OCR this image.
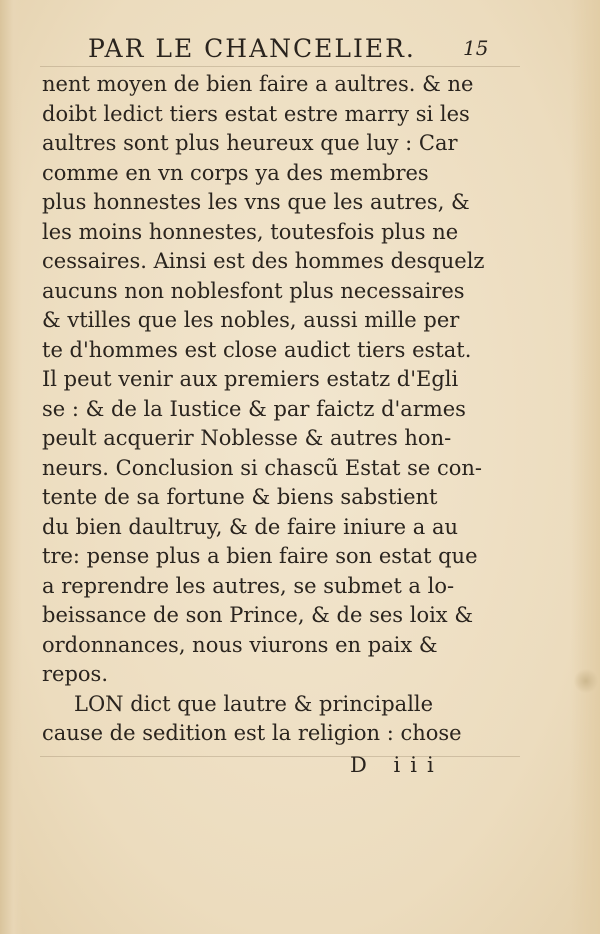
PAR LE CHANCELIER. 15
nent moyen de bien faire a aultres. & ne
doibt ledict tiers estat estre marry si les
aultres sont plus heureux que luy : Car
comme en vn corps ya des membres
plus honnestes les vns que les autres, &
les moins honnestes, toutesfois plus ne
cessaires. Ainsi est des hommes desquelz
aucuns non noblesfont plus necessaires
& vtilles que les nobles, aussi mille per
te d'hommes est close audict tiers estat.
Il peut venir aux premiers estatz d'Egli
se : & de la Iustice & par faictz d'armes
peult acquerir Noblesse & autres hon-
neurs. Conclusion si chascũ Estat se con-
tente de sa fortune & biens sabstient
du bien daultruy, & de faire iniure a au
tre: pense plus a bien faire son estat que
a reprendre les autres, se submet a lo-
beissance de son Prince, & de ses loix &
ordonnances, nous viurons en paix &
repos.
LON dict que lautre & principalle
cause de sedition est la religion : chose
D iii
